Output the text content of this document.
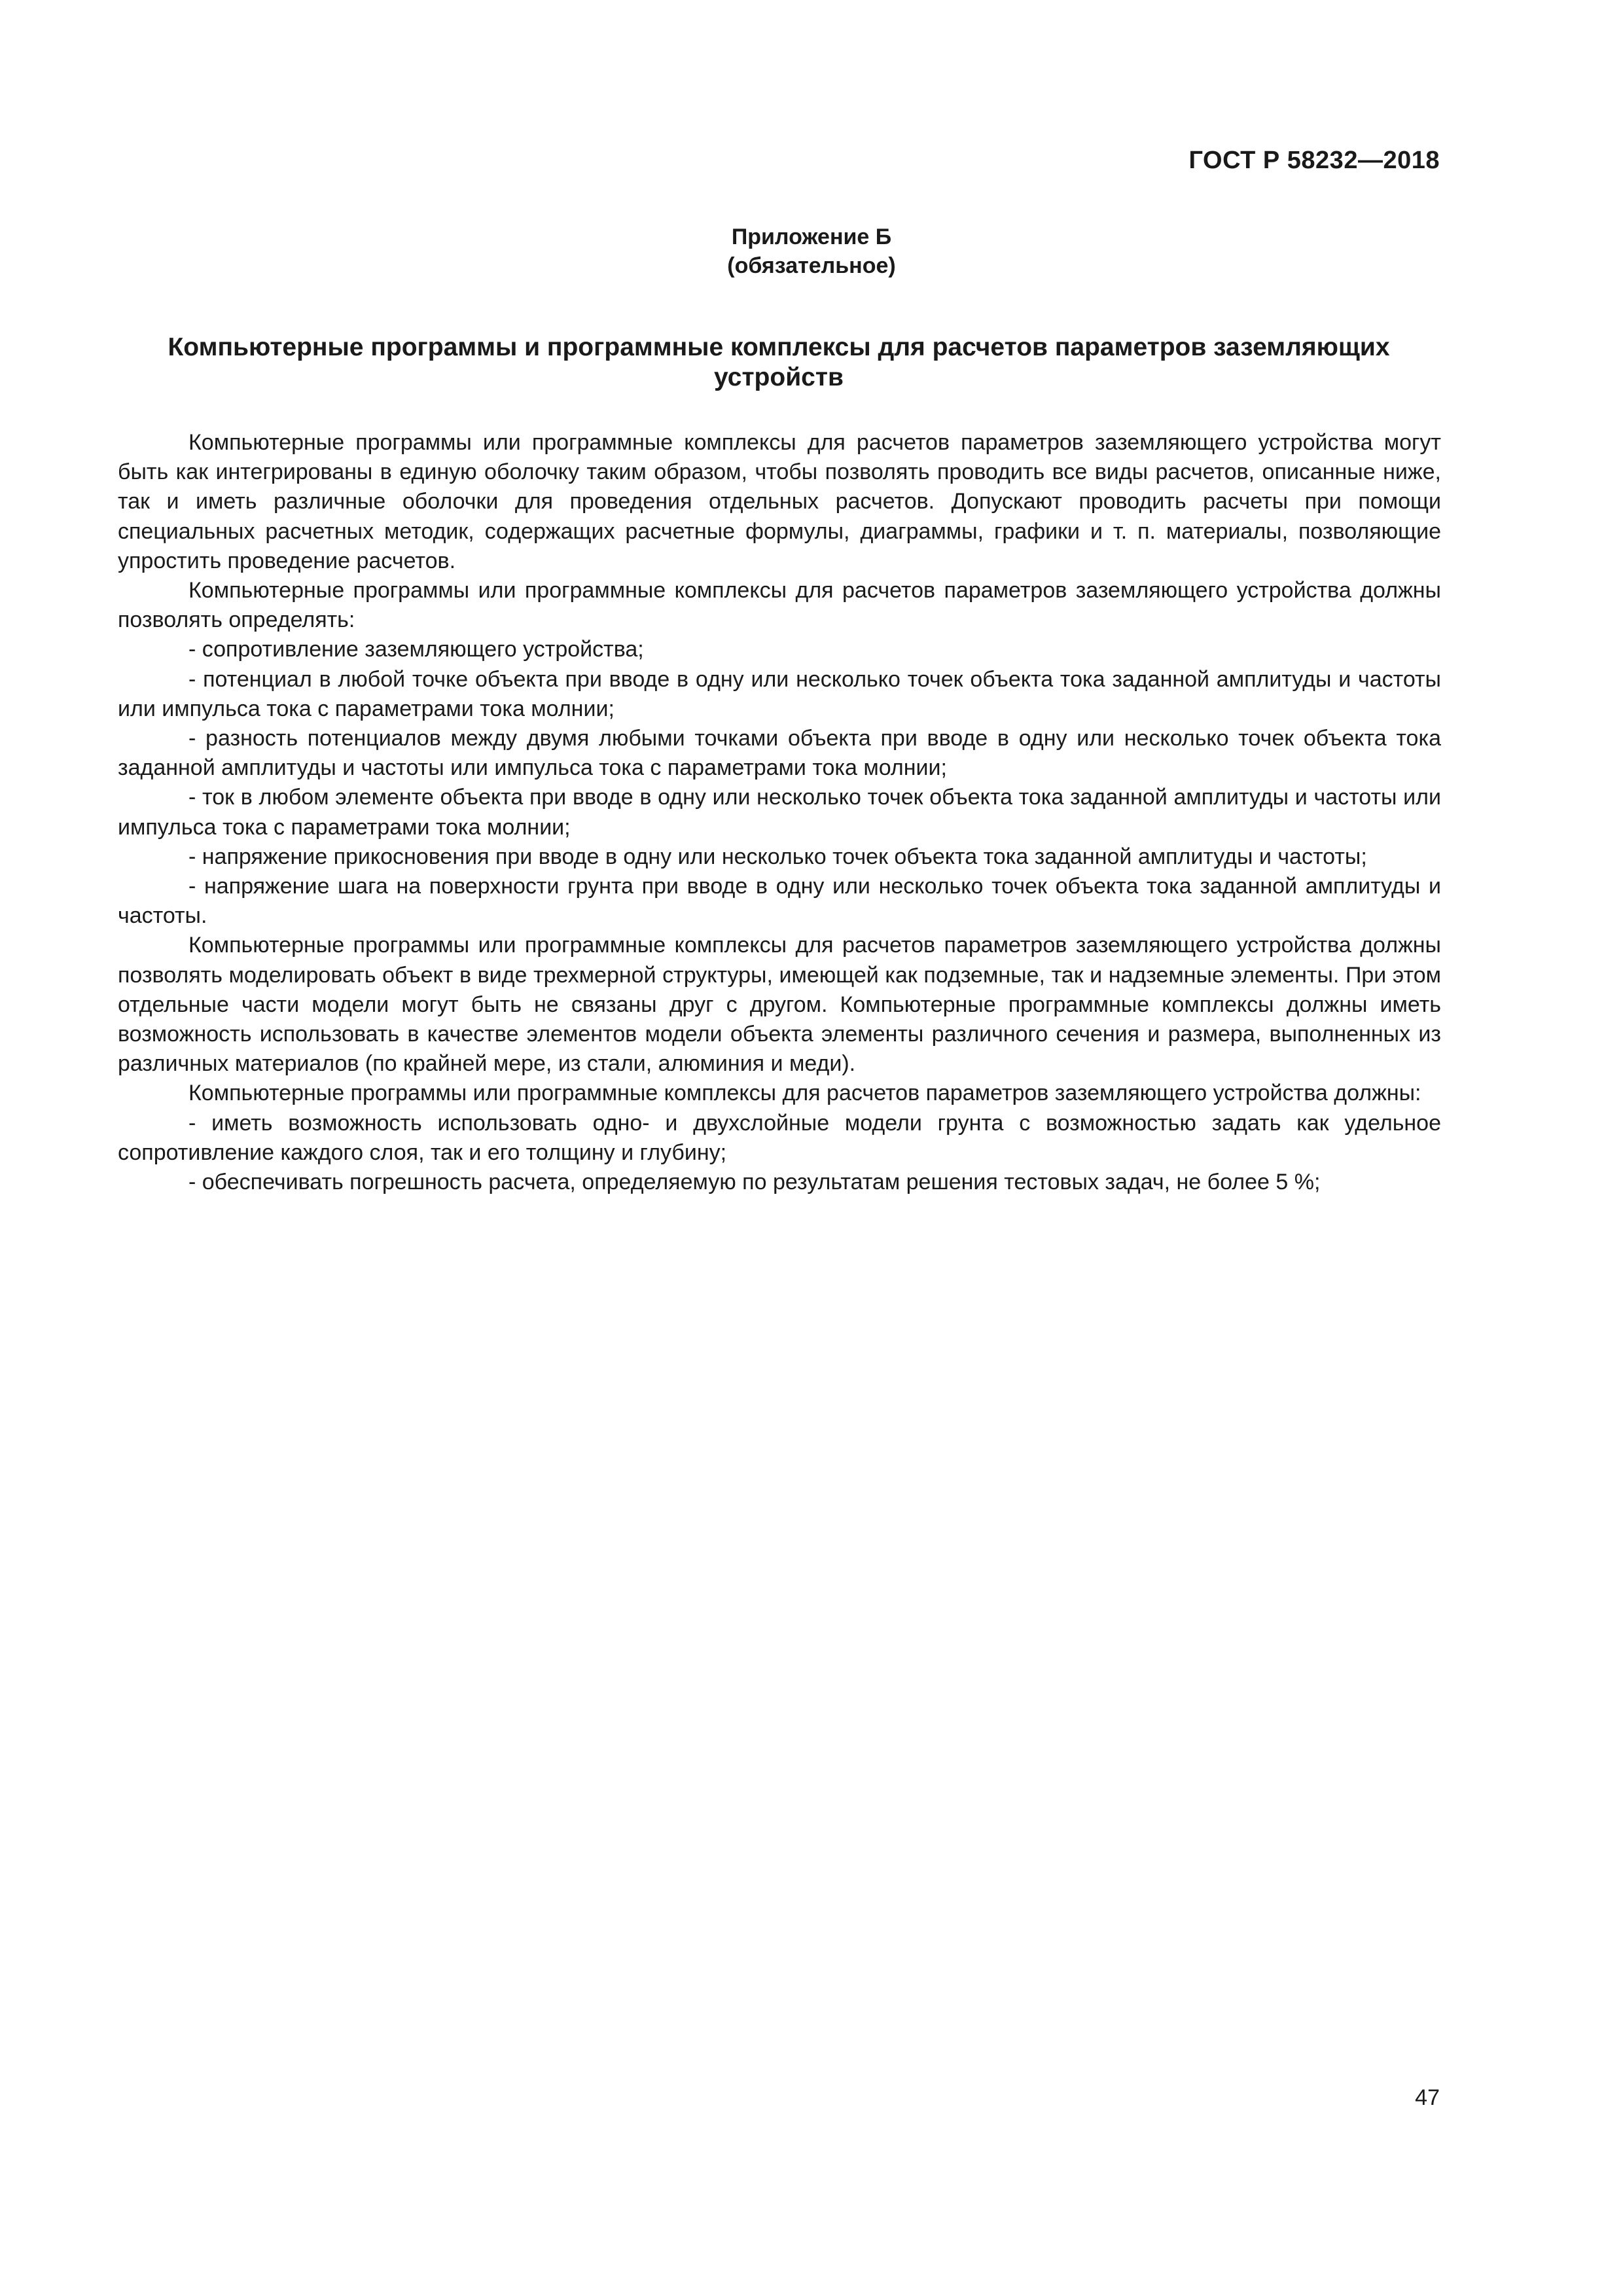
ГОСТ Р 58232—2018
Приложение Б
(обязательное)
Компьютерные программы и программные комплексы для расчетов параметров заземляющих
устройств

Компьютерные программы или программные комплексы для расчетов параметров заземляющего устройства могут быть как интегрированы в единую оболочку таким образом, чтобы позволять проводить все виды расчетов, описанные ниже, так и иметь различные оболочки для проведения отдельных расчетов. Допускают проводить расчеты при помощи специальных расчетных методик, содержащих расчетные формулы, диаграммы, графики и т. п. материалы, позволяющие упростить проведение расчетов.

Компьютерные программы или программные комплексы для расчетов параметров заземляющего устройства должны позволять определять:

- сопротивление заземляющего устройства;

- потенциал в любой точке объекта при вводе в одну или несколько точек объекта тока заданной амплитуды и частоты или импульса тока с параметрами тока молнии;

- разность потенциалов между двумя любыми точками объекта при вводе в одну или несколько точек объекта тока заданной амплитуды и частоты или импульса тока с параметрами тока молнии;

- ток в любом элементе объекта при вводе в одну или несколько точек объекта тока заданной амплитуды и частоты или импульса тока с параметрами тока молнии;

- напряжение прикосновения при вводе в одну или несколько точек объекта тока заданной амплитуды и частоты;

- напряжение шага на поверхности грунта при вводе в одну или несколько точек объекта тока заданной амплитуды и частоты.

Компьютерные программы или программные комплексы для расчетов параметров заземляющего устройства должны позволять моделировать объект в виде трехмерной структуры, имеющей как подземные, так и надземные элементы. При этом отдельные части модели могут быть не связаны друг с другом. Компьютерные программные комплексы должны иметь возможность использовать в качестве элементов модели объекта элементы различного сечения и размера, выполненных из различных материалов (по крайней мере, из стали, алюминия и меди).

Компьютерные программы или программные комплексы для расчетов параметров заземляющего устройства должны:

- иметь возможность использовать одно- и двухслойные модели грунта с возможностью задать как удельное сопротивление каждого слоя, так и его толщину и глубину;

- обеспечивать погрешность расчета, определяемую по результатам решения тестовых задач, не более 5 %;

47
